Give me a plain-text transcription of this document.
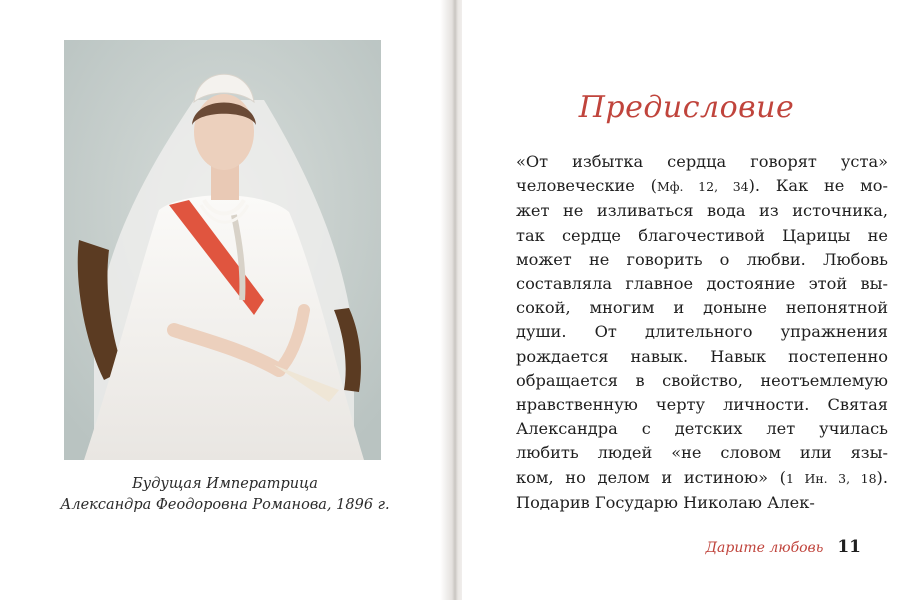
Будущая Императрица
Александра Феодоровна Романова, 1896 г.
Предисловие
«От избытка сердца говорят уста»
человеческие (Мф. 12, 34). Как не мо-
жет не изливаться вода из источника,
так сердце благочестивой Царицы не
может не говорить о любви. Любовь
составляла главное достояние этой вы-
сокой, многим и доныне непонятной
души. От длительного упражнения
рождается навык. Навык постепенно
обращается в свойство, неотъемлемую
нравственную черту личности. Святая
Александра с детских лет училась
любить людей «не словом или язы-
ком, но делом и истиною» (1 Ин. 3, 18).
Подарив Государю Николаю Алек-
Дарите любовь 11
